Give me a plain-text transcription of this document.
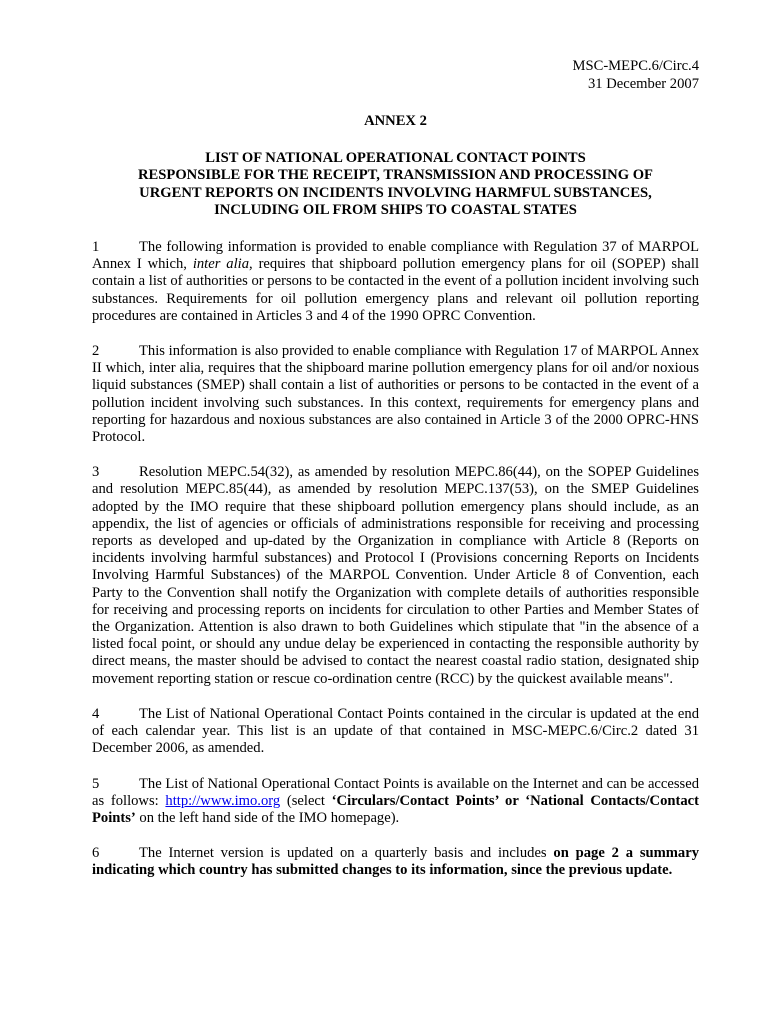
MSC-MEPC.6/Circ.4
31 December 2007
ANNEX 2
LIST OF NATIONAL OPERATIONAL CONTACT POINTS
RESPONSIBLE FOR THE RECEIPT, TRANSMISSION AND PROCESSING OF
URGENT REPORTS ON INCIDENTS INVOLVING HARMFUL SUBSTANCES,
INCLUDING OIL FROM SHIPS TO COASTAL STATES
1	The following information is provided to enable compliance with Regulation 37 of MARPOL Annex I which, inter alia, requires that shipboard pollution emergency plans for oil (SOPEP) shall contain a list of authorities or persons to be contacted in the event of a pollution incident involving such substances. Requirements for oil pollution emergency plans and relevant oil pollution reporting procedures are contained in Articles 3 and 4 of the 1990 OPRC Convention.
2	This information is also provided to enable compliance with Regulation 17 of MARPOL Annex II which, inter alia, requires that the shipboard marine pollution emergency plans for oil and/or noxious liquid substances (SMEP) shall contain a list of authorities or persons to be contacted in the event of a pollution incident involving such substances. In this context, requirements for emergency plans and reporting for hazardous and noxious substances are also contained in Article 3 of the 2000 OPRC-HNS Protocol.
3	Resolution MEPC.54(32), as amended by resolution MEPC.86(44), on the SOPEP Guidelines and resolution MEPC.85(44), as amended by resolution MEPC.137(53), on the SMEP Guidelines adopted by the IMO require that these shipboard pollution emergency plans should include, as an appendix, the list of agencies or officials of administrations responsible for receiving and processing reports as developed and up-dated by the Organization in compliance with Article 8 (Reports on incidents involving harmful substances) and Protocol I (Provisions concerning Reports on Incidents Involving Harmful Substances) of the MARPOL Convention. Under Article 8 of Convention, each Party to the Convention shall notify the Organization with complete details of authorities responsible for receiving and processing reports on incidents for circulation to other Parties and Member States of the Organization. Attention is also drawn to both Guidelines which stipulate that "in the absence of a listed focal point, or should any undue delay be experienced in contacting the responsible authority by direct means, the master should be advised to contact the nearest coastal radio station, designated ship movement reporting station or rescue co-ordination centre (RCC) by the quickest available means".
4	The List of National Operational Contact Points contained in the circular is updated at the end of each calendar year. This list is an update of that contained in MSC-MEPC.6/Circ.2 dated 31 December 2006, as amended.
5	The List of National Operational Contact Points is available on the Internet and can be accessed as follows: http://www.imo.org (select ‘Circulars/Contact Points’ or ‘National Contacts/Contact Points’ on the left hand side of the IMO homepage).
6	The Internet version is updated on a quarterly basis and includes on page 2 a summary indicating which country has submitted changes to its information, since the previous update.
